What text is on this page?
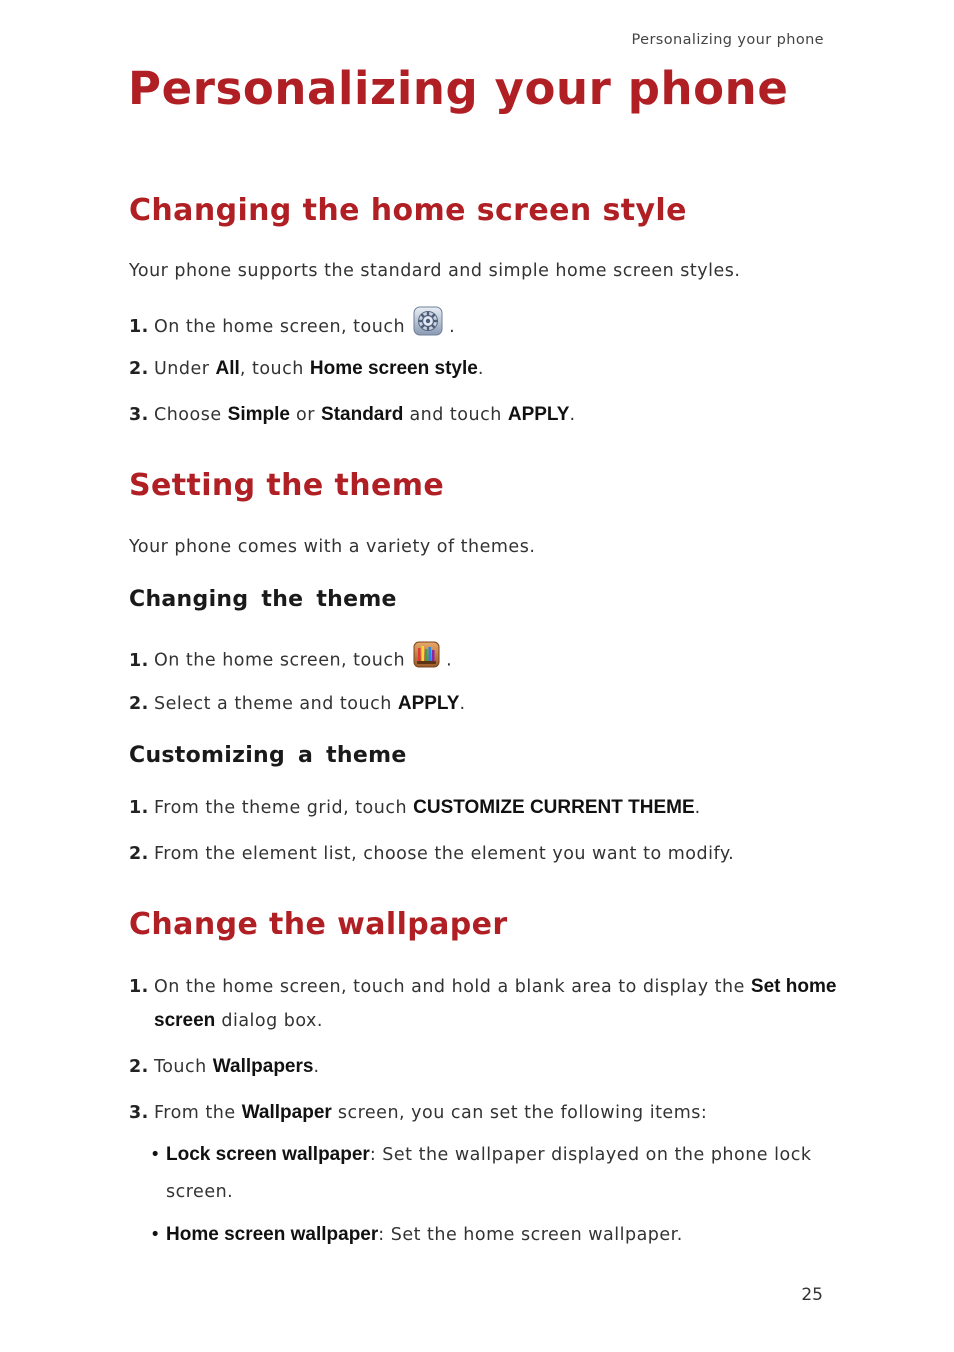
Personalizing your phone
Personalizing your phone
Changing the home screen style
Your phone supports the standard and simple home screen styles.
1. On the home screen, touch	.
2. Under All, touch Home screen style.
3. Choose Simple or Standard and touch APPLY.
Setting the theme
Your phone comes with a variety of themes.
Changing the theme
1. On the home screen, touch .
2. Select a theme and touch APPLY.
Customizing a theme
1. From the theme grid, touch CUSTOMIZE CURRENT THEME.
2. From the element list, choose the element you want to modify.
Change the wallpaper
1. On the home screen, touch and hold a blank area to display the Set home
screen dialog box.
2. Touch Wallpapers.
3. From the Wallpaper screen, you can set the following items:
• Lock screen wallpaper: Set the wallpaper displayed on the phone lock
screen.
• Home screen wallpaper: Set the home screen wallpaper.
25
